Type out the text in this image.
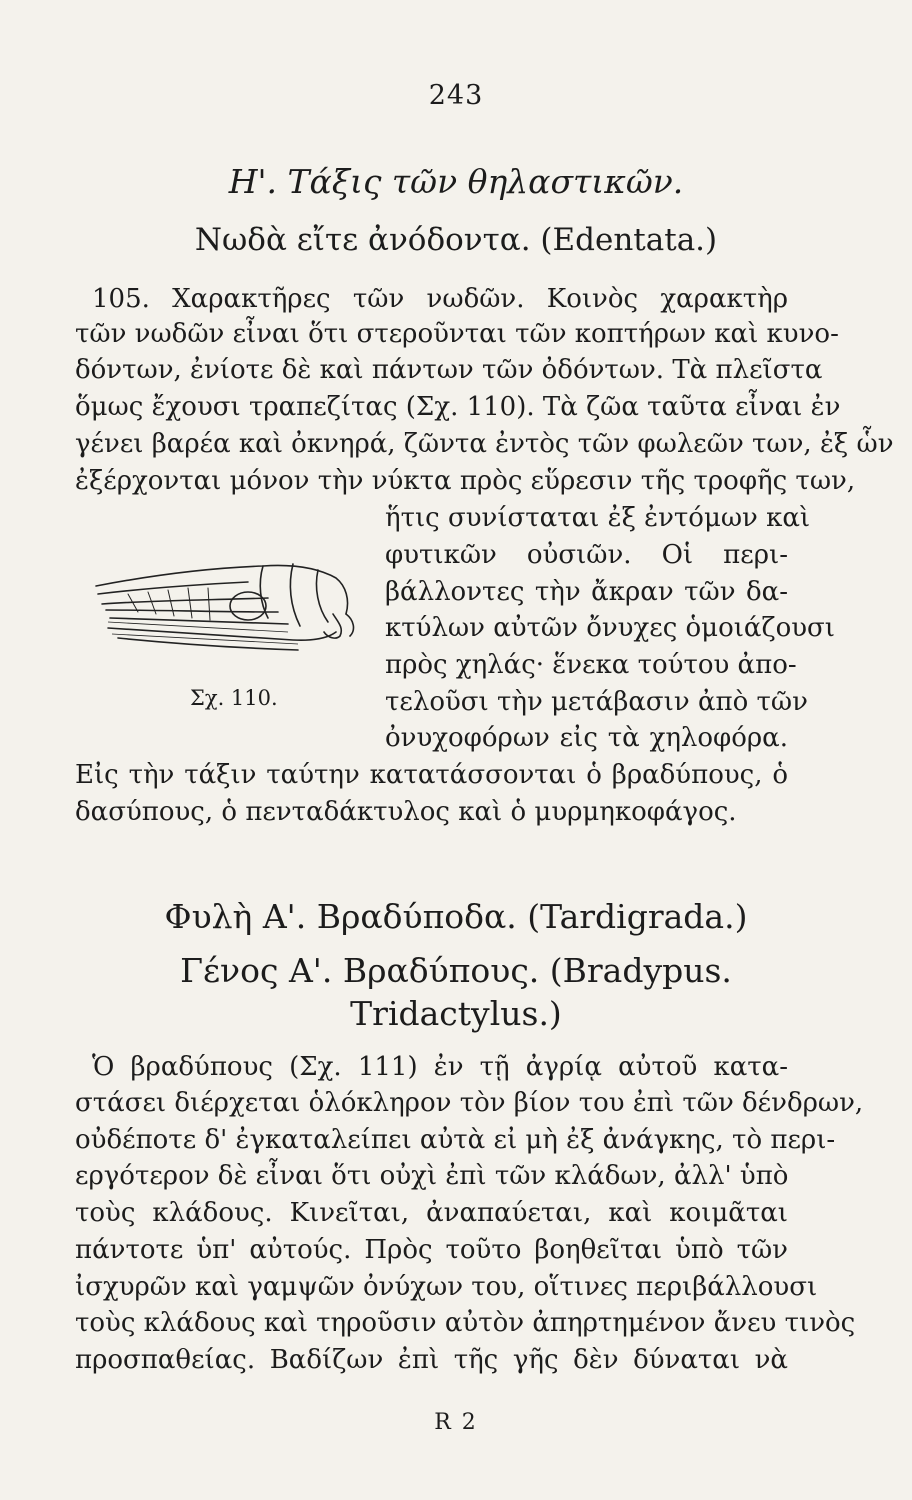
243
Η'. Τάξις τῶν θηλαστικῶν.
Νωδὰ εἴτε ἀνόδοντα. (Edentata.)
105. Χαρακτῆρες τῶν νωδῶν. Κοινὸς χαρακτὴρ
τῶν νωδῶν εἶναι ὅτι στεροῦνται τῶν κοπτήρων καὶ κυνο-
δόντων, ἐνίοτε δὲ καὶ πάντων τῶν ὀδόντων. Τὰ πλεῖστα
ὅμως ἔχουσι τραπεζίτας (Σχ. 110). Τὰ ζῶα ταῦτα εἶναι ἐν
γένει βαρέα καὶ ὀκνηρά, ζῶντα ἐντὸς τῶν φωλεῶν των, ἐξ ὧν
ἐξέρχονται μόνον τὴν νύκτα πρὸς εὕρεσιν τῆς τροφῆς των,
ἥτις συνίσταται ἐξ ἐντόμων καὶ
φυτικῶν οὐσιῶν. Οἱ περι-
βάλλοντες τὴν ἄκραν τῶν δα-
κτύλων αὐτῶν ὄνυχες ὁμοιάζουσι
πρὸς χηλάς· ἕνεκα τούτου ἀπο-
τελοῦσι τὴν μετάβασιν ἀπὸ τῶν
ὀνυχοφόρων εἰς τὰ χηλοφόρα.
Σχ. 110.
Εἰς τὴν τάξιν ταύτην κατατάσσονται ὁ βραδύπους, ὁ
δασύπους, ὁ πενταδάκτυλος καὶ ὁ μυρμηκοφάγος.
Φυλὴ Α'. Βραδύποδα. (Tardigrada.)
Γένος Α'. Βραδύπους. (Bradypus.
Tridactylus.)
Ὁ βραδύπους (Σχ. 111) ἐν τῇ ἀγρίᾳ αὐτοῦ κατα-
στάσει διέρχεται ὁλόκληρον τὸν βίον του ἐπὶ τῶν δένδρων,
οὐδέποτε δ' ἐγκαταλείπει αὐτὰ εἰ μὴ ἐξ ἀνάγκης, τὸ περι-
εργότερον δὲ εἶναι ὅτι οὐχὶ ἐπὶ τῶν κλάδων, ἀλλ' ὑπὸ
τοὺς κλάδους. Κινεῖται, ἀναπαύεται, καὶ κοιμᾶται
πάντοτε ὑπ' αὐτούς. Πρὸς τοῦτο βοηθεῖται ὑπὸ τῶν
ἰσχυρῶν καὶ γαμψῶν ὀνύχων του, οἵτινες περιβάλλουσι
τοὺς κλάδους καὶ τηροῦσιν αὐτὸν ἀπηρτημένον ἄνευ τινὸς
προσπαθείας. Βαδίζων ἐπὶ τῆς γῆς δὲν δύναται νὰ
R 2
